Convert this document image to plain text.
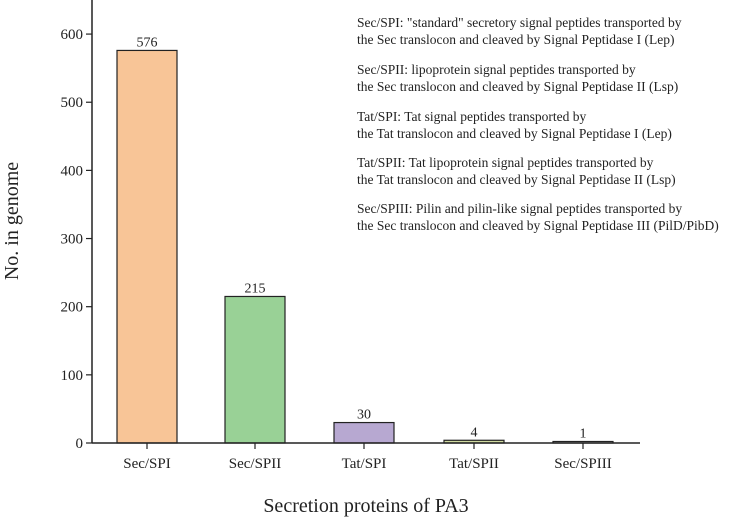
0
100
200
300
400
500
600
Sec/SPI	Sec/SPII	Tat/SPI	Tat/SPII	Sec/SPIII
576
215
30
4	1
Secretion proteins of PA3
No. in genome
Sec/SPI: "standard" secretory signal peptides transported by
the Sec translocon and cleaved by Signal Peptidase I (Lep)
Sec/SPII: lipoprotein signal peptides transported by
the Sec translocon and cleaved by Signal Peptidase II (Lsp)
Tat/SPI: Tat signal peptides transported by
the Tat translocon and cleaved by Signal Peptidase I (Lep)
Tat/SPII: Tat lipoprotein signal peptides transported by
the Tat translocon and cleaved by Signal Peptidase II (Lsp)
Sec/SPIII: Pilin and pilin-like signal peptides transported by
the Sec translocon and cleaved by Signal Peptidase III (PilD/PibD)
